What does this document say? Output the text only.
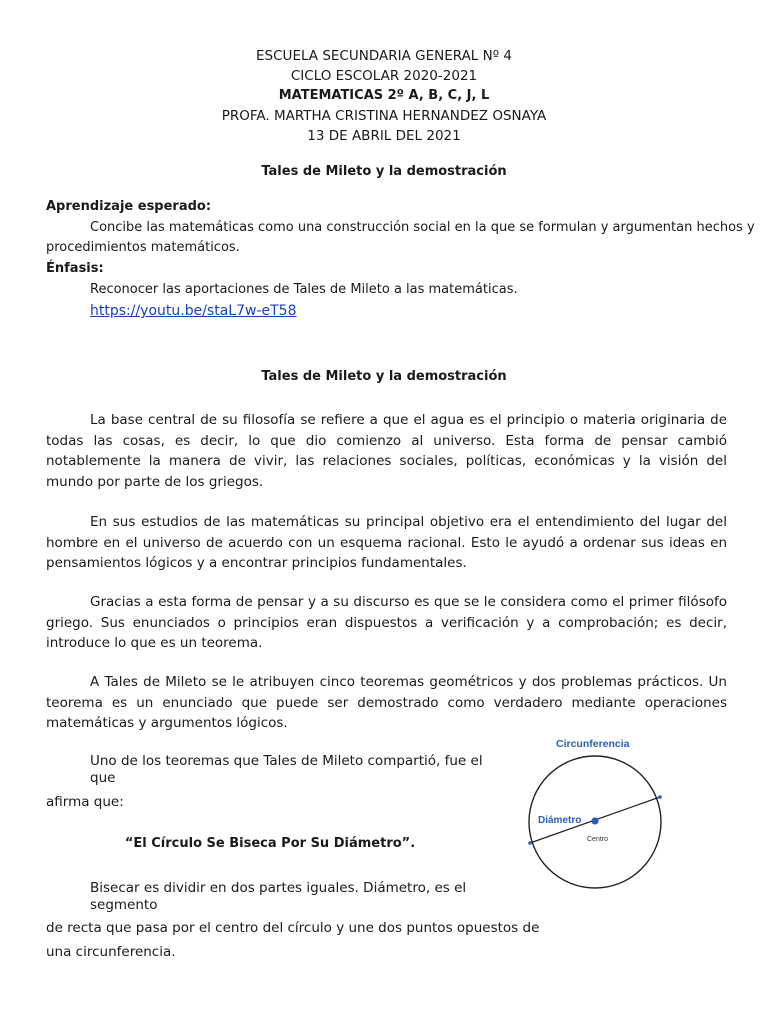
ESCUELA SECUNDARIA GENERAL Nº 4
CICLO ESCOLAR 2020-2021
MATEMATICAS 2º A, B, C, J, L
PROFA. MARTHA CRISTINA HERNANDEZ OSNAYA
13 DE ABRIL DEL 2021
Tales de Mileto y la demostración
Aprendizaje esperado:
Concibe las matemáticas como una construcción social en la que se formulan y argumentan hechos y
procedimientos matemáticos.
Énfasis:
Reconocer las aportaciones de Tales de Mileto a las matemáticas.
https://youtu.be/staL7w-eT58
Tales de Mileto y la demostración
La base central de su filosofía se refiere a que el agua es el principio o materia originaria de todas las cosas, es decir, lo que dio comienzo al universo. Esta forma de pensar cambió notablemente la manera de vivir, las relaciones sociales, políticas, económicas y la visión del mundo por parte de los griegos.
En sus estudios de las matemáticas su principal objetivo era el entendimiento del lugar del hombre en el universo de acuerdo con un esquema racional. Esto le ayudó a ordenar sus ideas en pensamientos lógicos y a encontrar principios fundamentales.
Gracias a esta forma de pensar y a su discurso es que se le considera como el primer filósofo griego. Sus enunciados o principios eran dispuestos a verificación y a comprobación; es decir, introduce lo que es un teorema.
A Tales de Mileto se le atribuyen cinco teoremas geométricos y dos problemas prácticos. Un teorema es un enunciado que puede ser demostrado como verdadero mediante operaciones matemáticas y argumentos lógicos.
Uno de los teoremas que Tales de Mileto compartió, fue el
que
afirma que:
“El Círculo Se Biseca Por Su Diámetro”.
Bisecar es dividir en dos partes iguales. Diámetro, es el
segmento
de recta que pasa por el centro del círculo y une dos puntos opuestos de
una circunferencia.
Circunferencia
Diámetro
Centro
